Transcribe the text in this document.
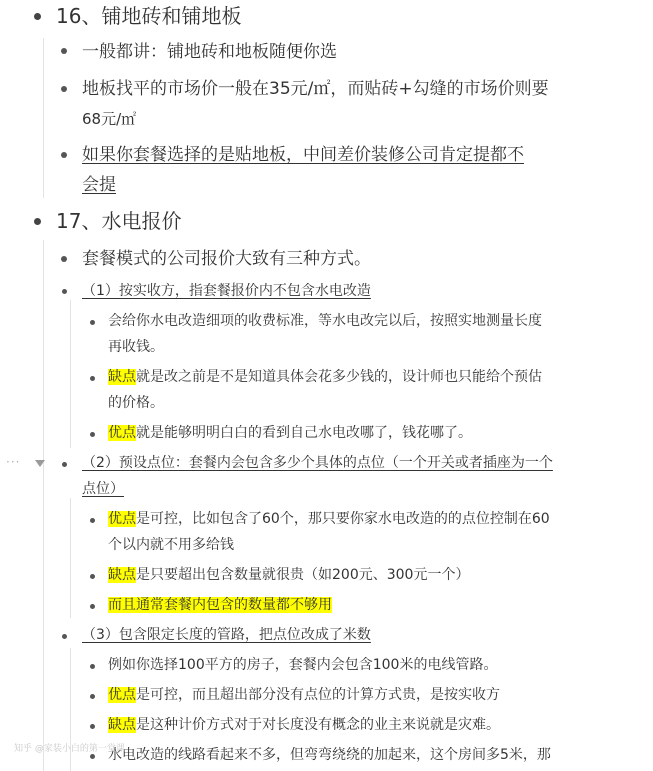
16、铺地砖和铺地板
一般都讲：铺地砖和地板随便你选
地板找平的市场价一般在35元/㎡，而贴砖+勾缝的市场价则要
68元/㎡
如果你套餐选择的是贴地板，中间差价装修公司肯定提都不
会提
17、水电报价
套餐模式的公司报价大致有三种方式。
（1）按实收方，指套餐报价内不包含水电改造
会给你水电改造细项的收费标准，等水电改完以后，按照实地测量长度
再收钱。
缺点就是改之前是不是知道具体会花多少钱的，设计师也只能给个预估
的价格。
优点就是能够明明白白的看到自己水电改哪了，钱花哪了。
···	（2）预设点位：套餐内会包含多少个具体的点位（一个开关或者插座为一个
点位）
优点是可控，比如包含了60个，那只要你家水电改造的的点位控制在60
个以内就不用多给钱
缺点是只要超出包含数量就很贵（如200元、300元一个）
而且通常套餐内包含的数量都不够用
（3）包含限定长度的管路，把点位改成了米数
例如你选择100平方的房子，套餐内会包含100米的电线管路。
优点是可控，而且超出部分没有点位的计算方式贵，是按实收方
缺点是这种计价方式对于对长度没有概念的业主来说就是灾难。
水电改造的线路看起来不多，但弯弯绕绕的加起来，这个房间多5米，那
知乎 @家装小白的第一堂课
